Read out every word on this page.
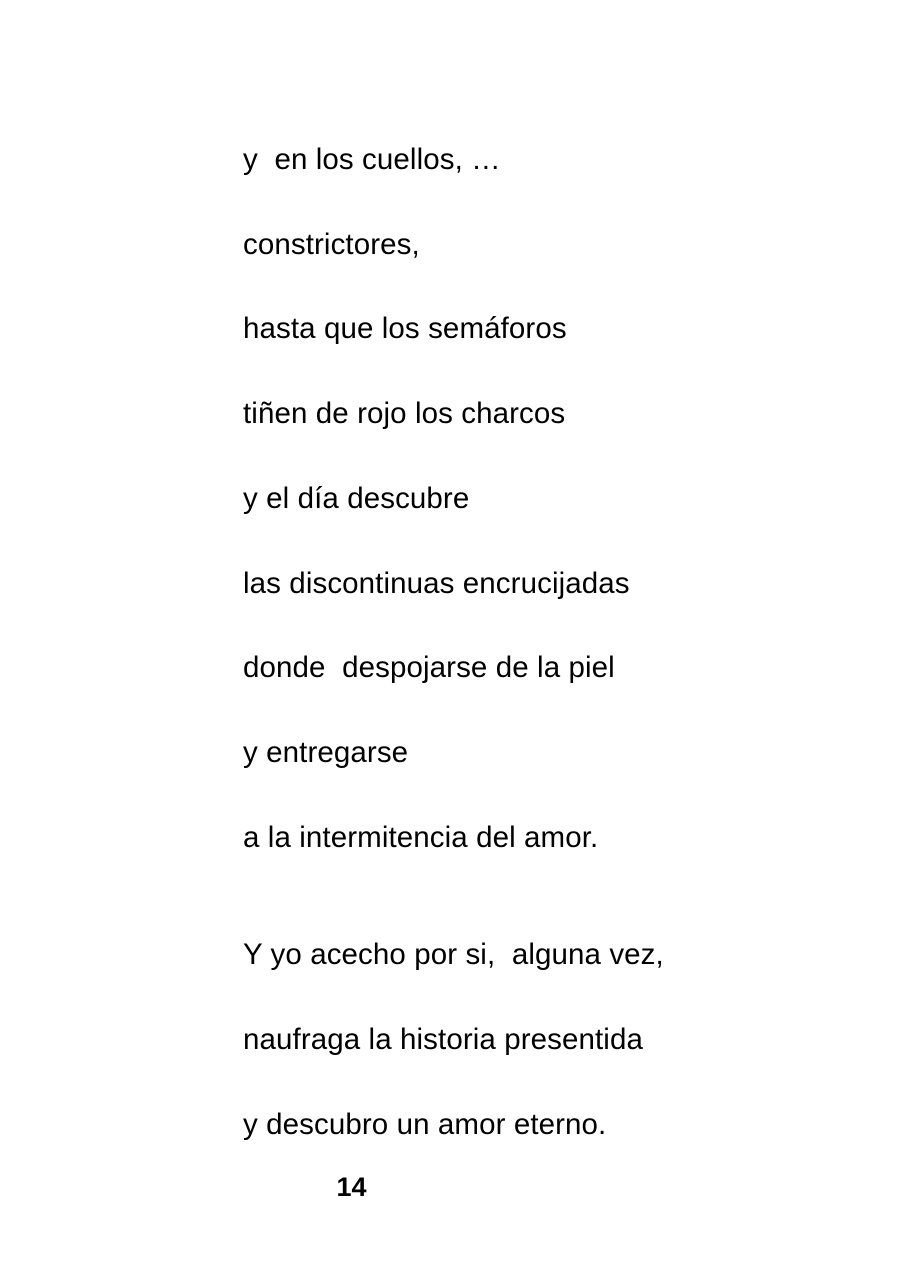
y  en los cuellos, …
constrictores,
hasta que los semáforos
tiñen de rojo los charcos
y el día descubre
las discontinuas encrucijadas
donde  despojarse de la piel
y entregarse
a la intermitencia del amor.
Y yo acecho por si,  alguna vez,
naufraga la historia presentida
y descubro un amor eterno.
14
